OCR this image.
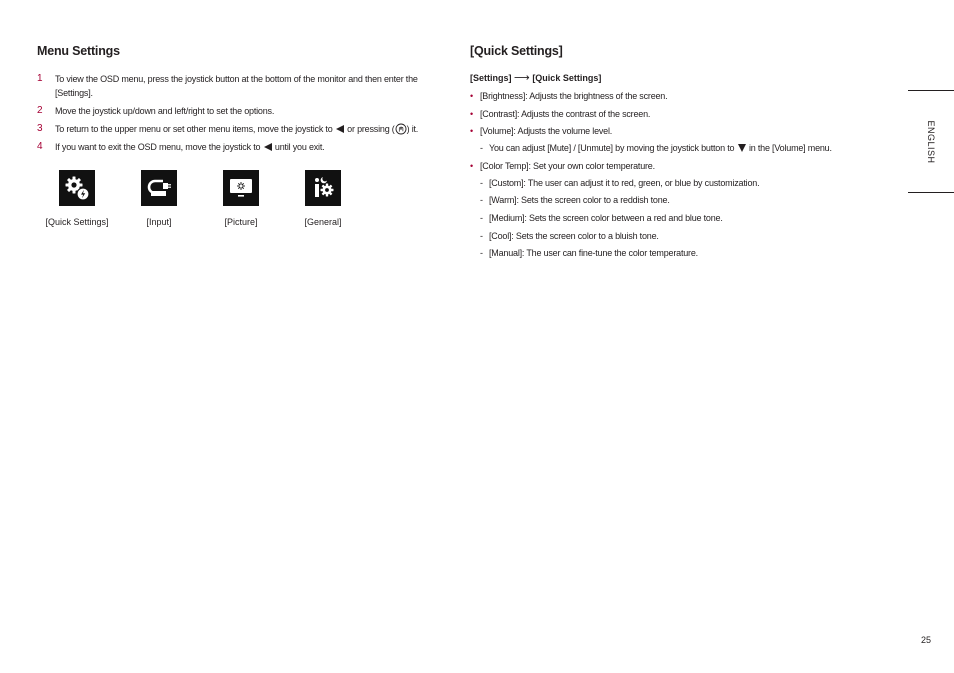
Menu Settings
1 To view the OSD menu, press the joystick button at the bottom of the monitor and then enter the [Settings].
2 Move the joystick up/down and left/right to set the options.
3 To return to the upper menu or set other menu items, move the joystick to or pressing ( ) it.
4 If you want to exit the OSD menu, move the joystick to until you exit.
[Quick Settings]	[Input]	[Picture]	[General]
[Quick Settings]
[Settings] ⟶ [Quick Settings]
• [Brightness]: Adjusts the brightness of the screen.
• [Contrast]: Adjusts the contrast of the screen.
• [Volume]: Adjusts the volume level.
- You can adjust [Mute] / [Unmute] by moving the joystick button to in the [Volume] menu.
• [Color Temp]: Set your own color temperature.
- [Custom]: The user can adjust it to red, green, or blue by customization.
- [Warm]: Sets the screen color to a reddish tone.
- [Medium]: Sets the screen color between a red and blue tone.
- [Cool]: Sets the screen color to a bluish tone.
- [Manual]: The user can fine-tune the color temperature.
ENGLISH
25
